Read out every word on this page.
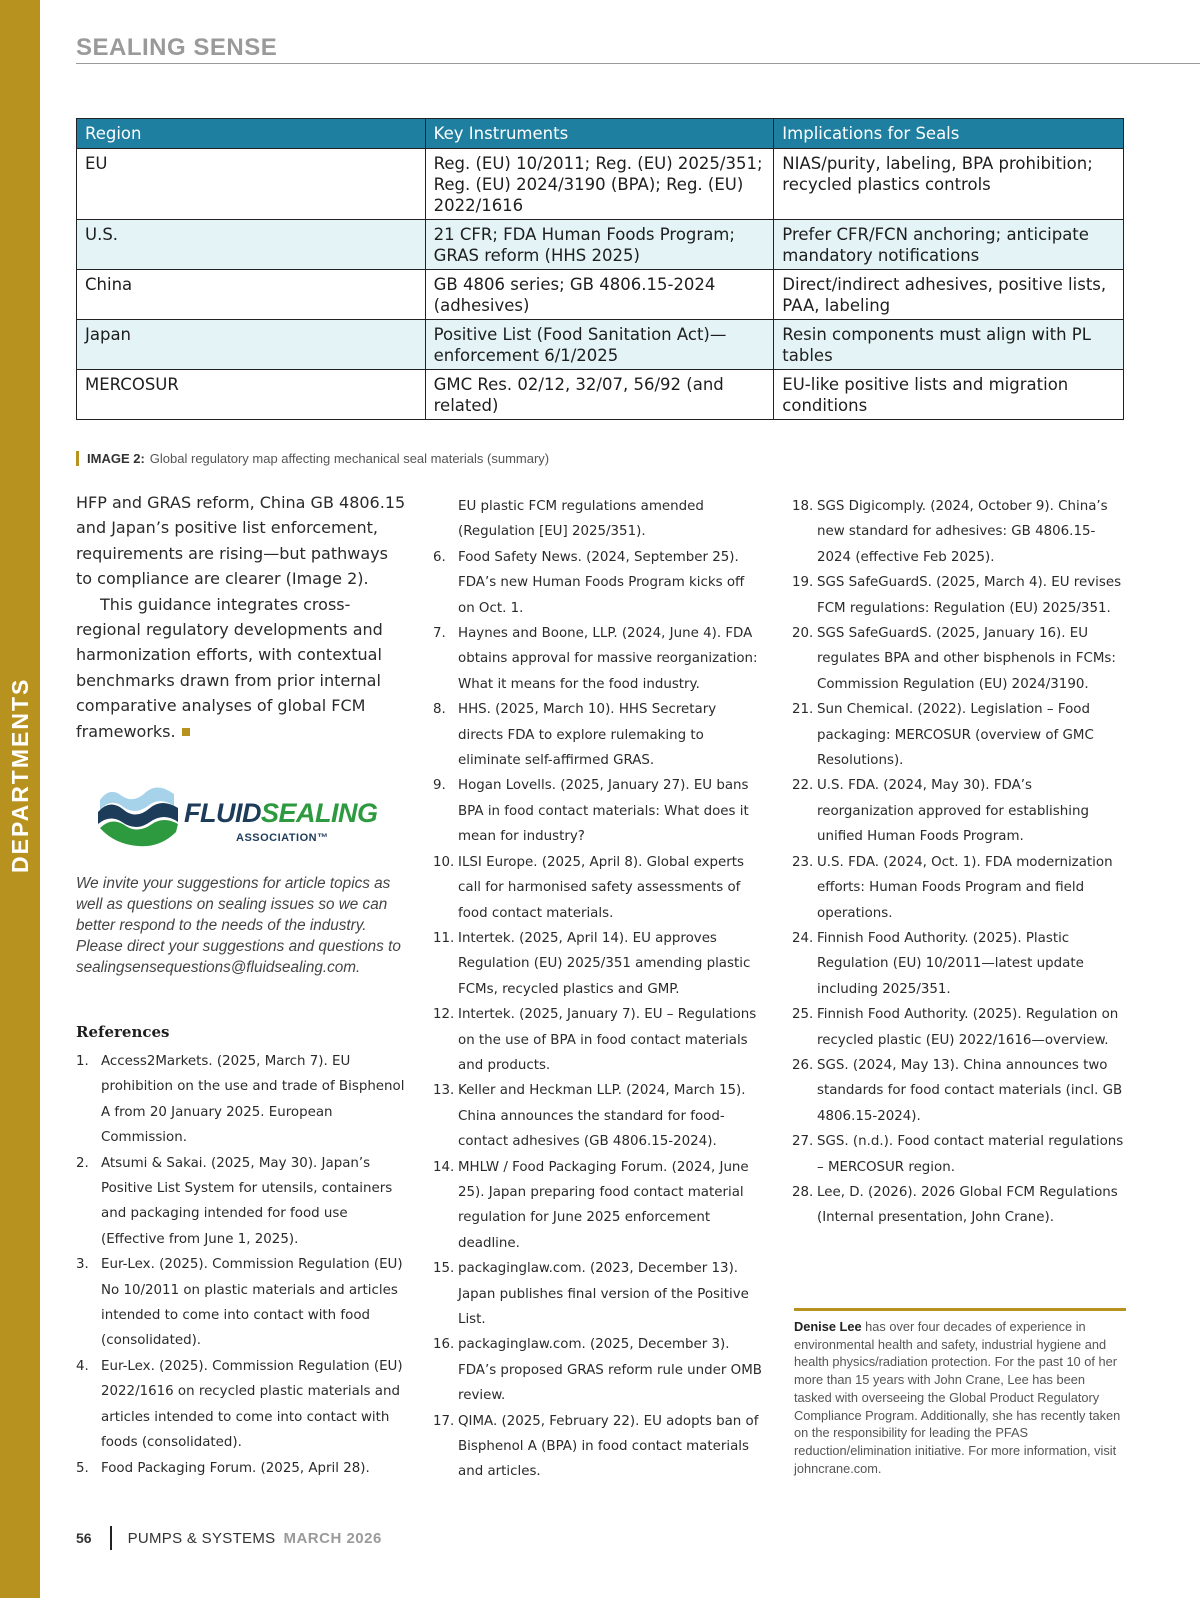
DEPARTMENTS
SEALING SENSE
Region	Key Instruments	Implications for Seals
EU	Reg. (EU) 10/2011; Reg. (EU) 2025/351; Reg. (EU) 2024/3190 (BPA); Reg. (EU) 2022/1616	NIAS/purity, labeling, BPA prohibition; recycled plastics controls
U.S.	21 CFR; FDA Human Foods Program; GRAS reform (HHS 2025)	Prefer CFR/FCN anchoring; anticipate mandatory notifications
China	GB 4806 series; GB 4806.15-2024 (adhesives)	Direct/indirect adhesives, positive lists, PAA, labeling
Japan	Positive List (Food Sanitation Act)—enforcement 6/1/2025	Resin components must align with PL tables
MERCOSUR	GMC Res. 02/12, 32/07, 56/92 (and related)	EU-like positive lists and migration conditions
IMAGE 2: Global regulatory map affecting mechanical seal materials (summary)

HFP and GRAS reform, China GB 4806.15 and Japan’s positive list enforcement, requirements are rising—but pathways to compliance are clearer (Image 2).

This guidance integrates cross-regional regulatory developments and harmonization efforts, with contextual benchmarks drawn from prior internal comparative analyses of global FCM frameworks.

FLUIDSEALING
ASSOCIATION™
We invite your suggestions for article topics as well as questions on sealing issues so we can better respond to the needs of the industry. Please direct your suggestions and questions to sealingsensequestions@fluidsealing.com.
References
1. Access2Markets. (2025, March 7). EU prohibition on the use and trade of Bisphenol A from 20 January 2025. European Commission.
2. Atsumi & Sakai. (2025, May 30). Japan’s Positive List System for utensils, containers and packaging intended for food use (Effective from June 1, 2025).
3. Eur-Lex. (2025). Commission Regulation (EU) No 10/2011 on plastic materials and articles intended to come into contact with food (consolidated).
4. Eur-Lex. (2025). Commission Regulation (EU) 2022/1616 on recycled plastic materials and articles intended to come into contact with foods (consolidated).
5. Food Packaging Forum. (2025, April 28).
EU plastic FCM regulations amended (Regulation [EU] 2025/351).
6. Food Safety News. (2024, September 25). FDA’s new Human Foods Program kicks off on Oct. 1.
7. Haynes and Boone, LLP. (2024, June 4). FDA obtains approval for massive reorganization: What it means for the food industry.
8. HHS. (2025, March 10). HHS Secretary directs FDA to explore rulemaking to eliminate self-affirmed GRAS.
9. Hogan Lovells. (2025, January 27). EU bans BPA in food contact materials: What does it mean for industry?
10. ILSI Europe. (2025, April 8). Global experts call for harmonised safety assessments of food contact materials.
11. Intertek. (2025, April 14). EU approves Regulation (EU) 2025/351 amending plastic FCMs, recycled plastics and GMP.
12. Intertek. (2025, January 7). EU – Regulations on the use of BPA in food contact materials and products.
13. Keller and Heckman LLP. (2024, March 15). China announces the standard for food-contact adhesives (GB 4806.15-2024).
14. MHLW / Food Packaging Forum. (2024, June 25). Japan preparing food contact material regulation for June 2025 enforcement deadline.
15. packaginglaw.com. (2023, December 13). Japan publishes final version of the Positive List.
16. packaginglaw.com. (2025, December 3). FDA’s proposed GRAS reform rule under OMB review.
17. QIMA. (2025, February 22). EU adopts ban of Bisphenol A (BPA) in food contact materials and articles.
18. SGS Digicomply. (2024, October 9). China’s new standard for adhesives: GB 4806.15-2024 (effective Feb 2025).
19. SGS SafeGuardS. (2025, March 4). EU revises FCM regulations: Regulation (EU) 2025/351.
20. SGS SafeGuardS. (2025, January 16). EU regulates BPA and other bisphenols in FCMs: Commission Regulation (EU) 2024/3190.
21. Sun Chemical. (2022). Legislation – Food packaging: MERCOSUR (overview of GMC Resolutions).
22. U.S. FDA. (2024, May 30). FDA’s reorganization approved for establishing unified Human Foods Program.
23. U.S. FDA. (2024, Oct. 1). FDA modernization efforts: Human Foods Program and field operations.
24. Finnish Food Authority. (2025). Plastic Regulation (EU) 10/2011—latest update including 2025/351.
25. Finnish Food Authority. (2025). Regulation on recycled plastic (EU) 2022/1616—overview.
26. SGS. (2024, May 13). China announces two standards for food contact materials (incl. GB 4806.15-2024).
27. SGS. (n.d.). Food contact material regulations – MERCOSUR region.
28. Lee, D. (2026). 2026 Global FCM Regulations (Internal presentation, John Crane).
Denise Lee has over four decades of experience in environmental health and safety, industrial hygiene and health physics/radiation protection. For the past 10 of her more than 15 years with John Crane, Lee has been tasked with overseeing the Global Product Regulatory Compliance Program. Additionally, she has recently taken on the responsibility for leading the PFAS reduction/elimination initiative. For more information, visit johncrane.com.
56 PUMPS & SYSTEMS MARCH 2026
